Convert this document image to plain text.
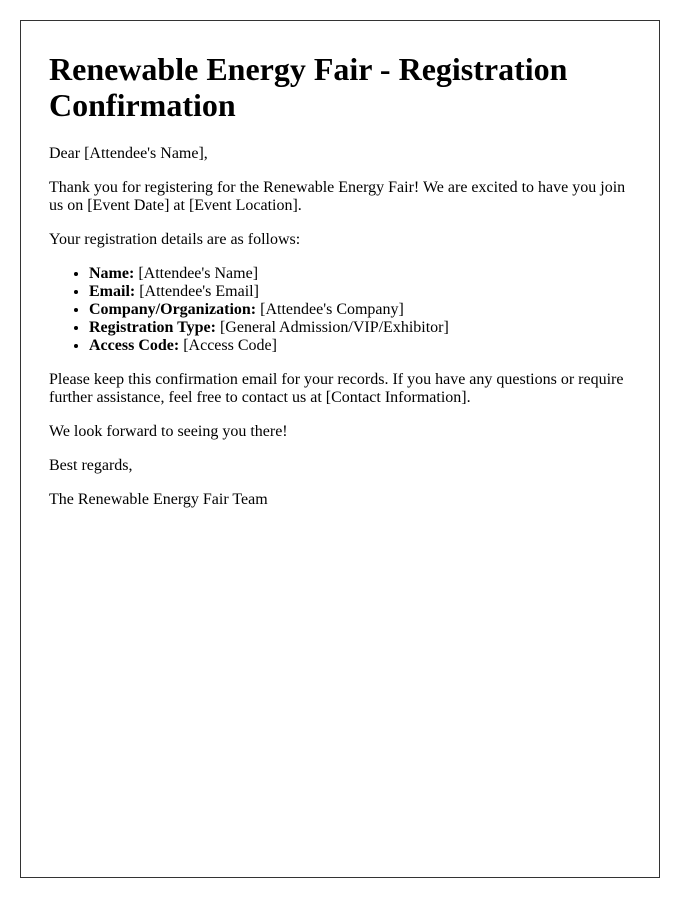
Renewable Energy Fair - Registration Confirmation

Dear [Attendee's Name],

Thank you for registering for the Renewable Energy Fair! We are excited to have you join us on [Event Date] at [Event Location].

Your registration details are as follows:

• Name: [Attendee's Name]
• Email: [Attendee's Email]
• Company/Organization: [Attendee's Company]
• Registration Type: [General Admission/VIP/Exhibitor]
• Access Code: [Access Code]

Please keep this confirmation email for your records. If you have any questions or require further assistance, feel free to contact us at [Contact Information].

We look forward to seeing you there!

Best regards,

The Renewable Energy Fair Team
